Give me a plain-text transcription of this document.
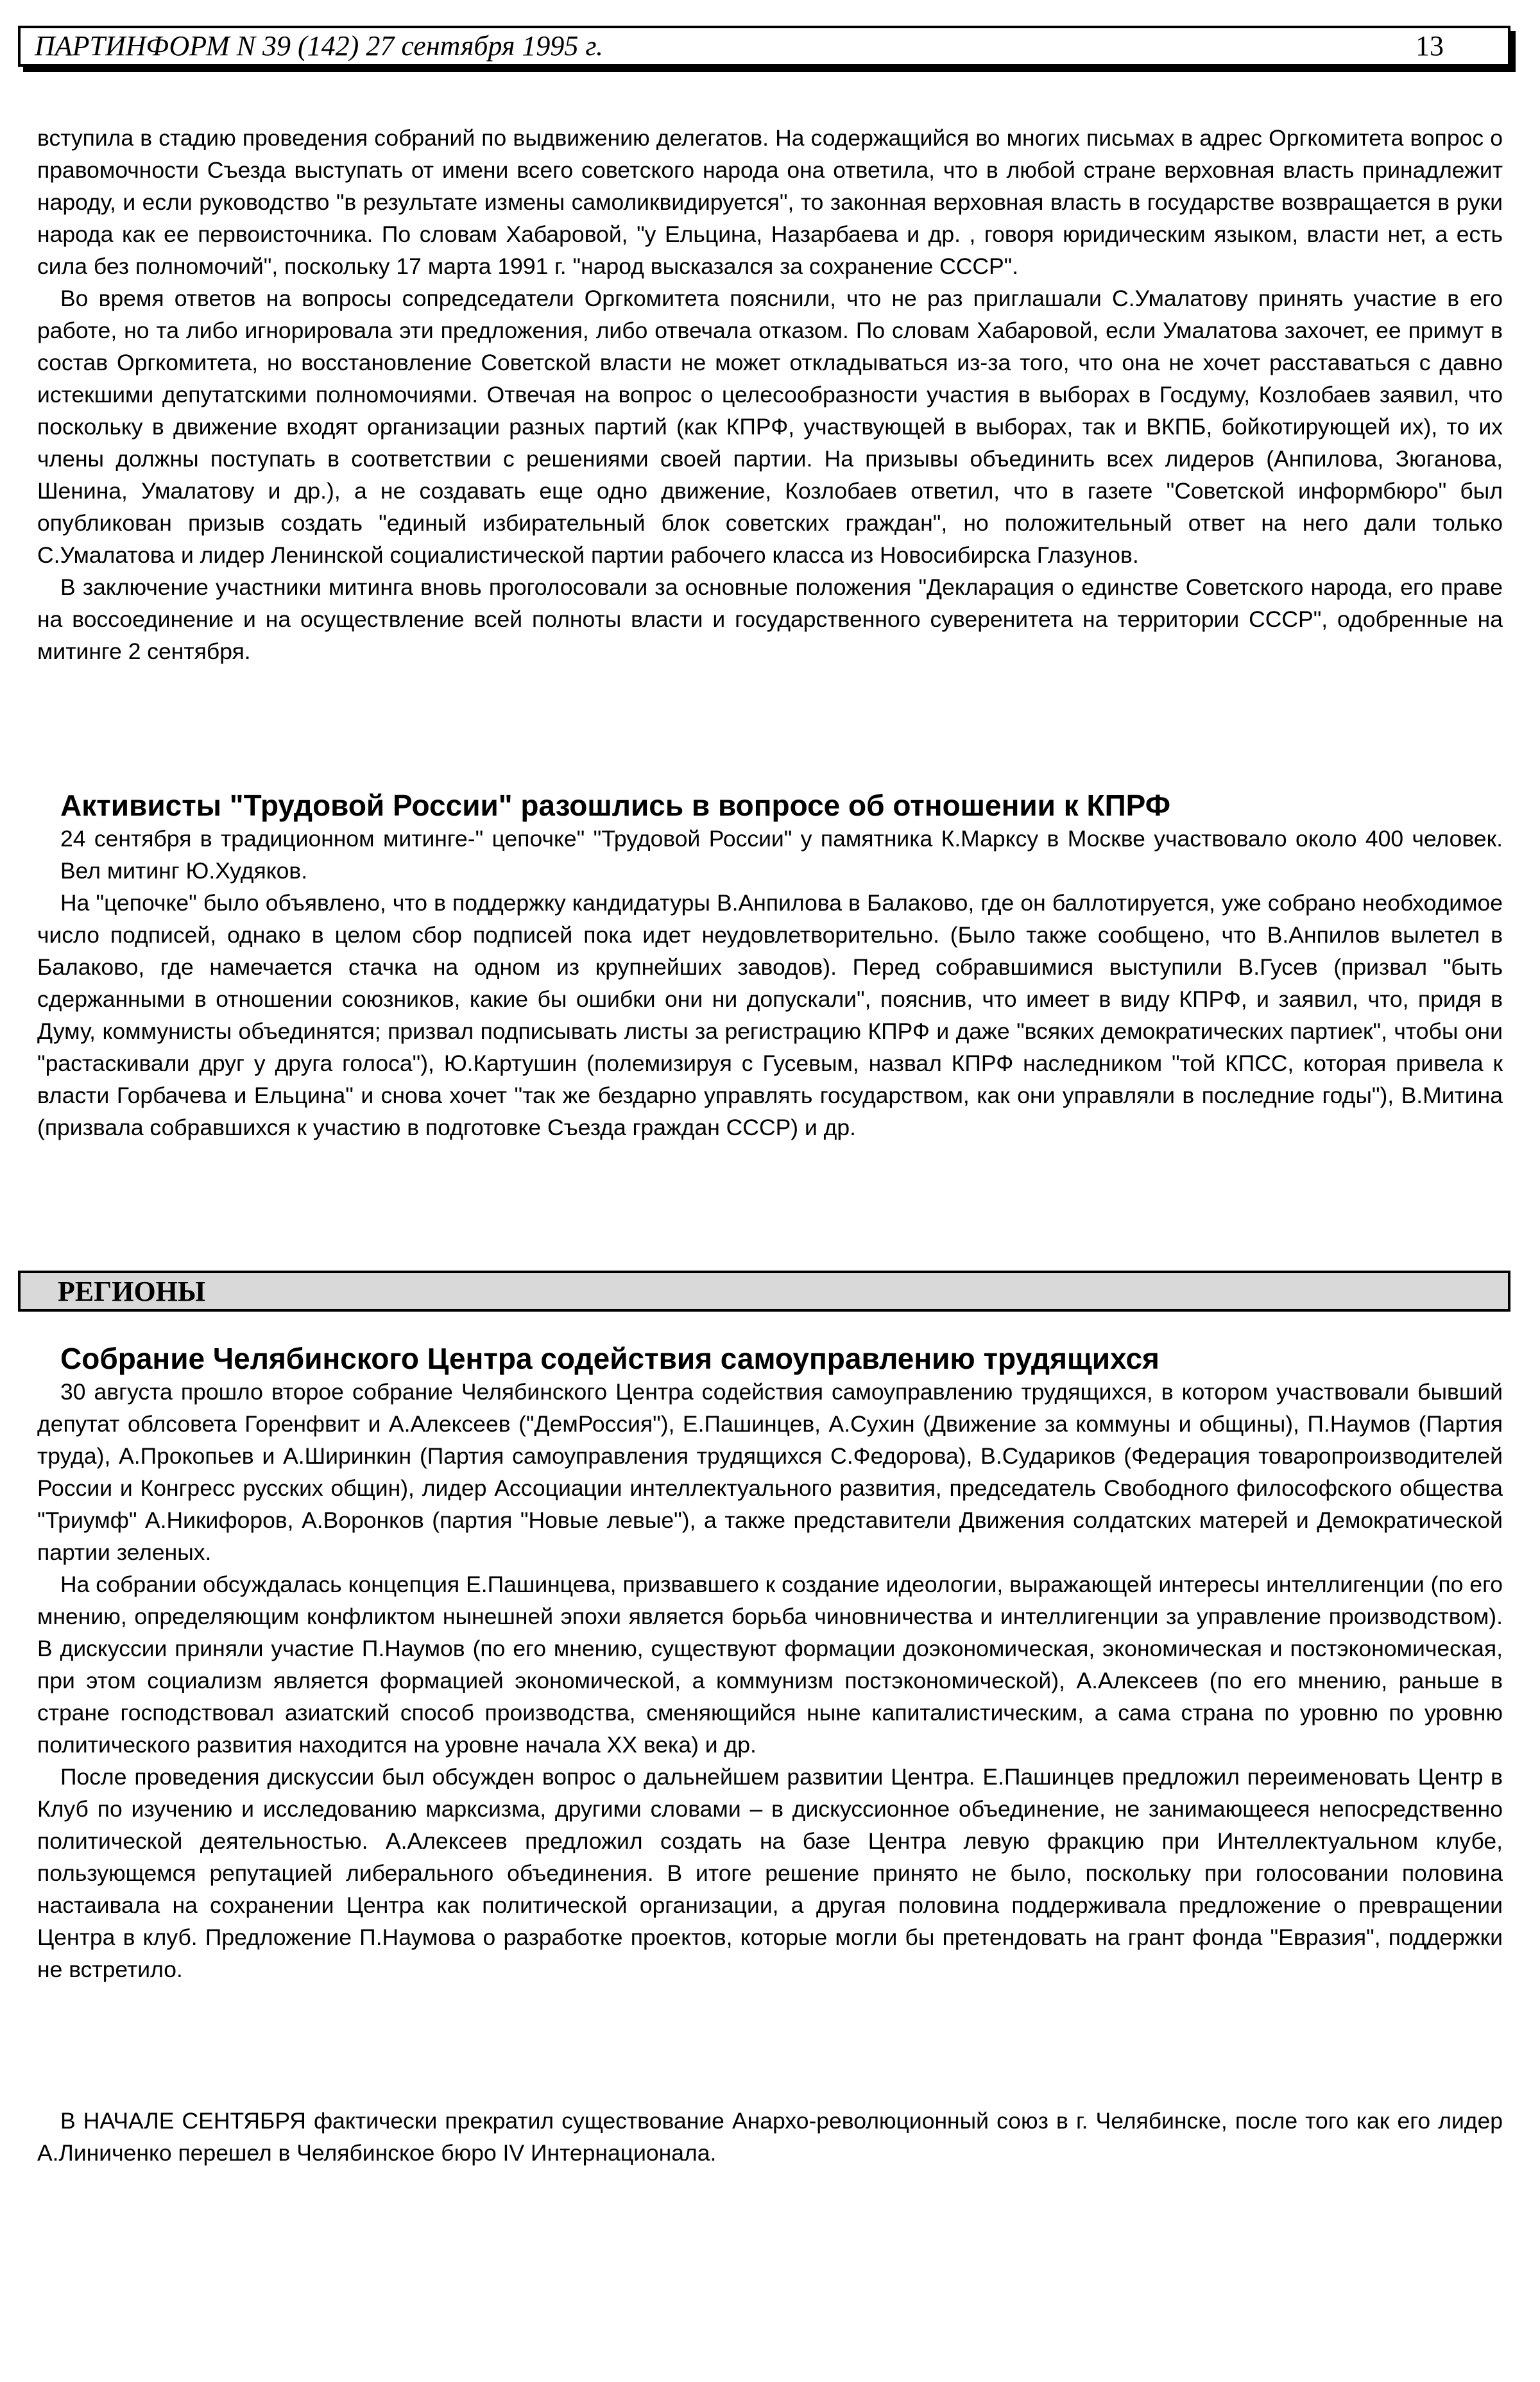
ПАРТИНФОРМ N 39 (142) 27 сентября 1995 г.	13

вступила в стадию проведения собраний по выдвижению делегатов. На содержащийся во многих письмах в адрес Оргкомитета вопрос о правомочности Съезда выступать от имени всего советского народа она ответила, что в любой стране верховная власть принадлежит народу, и если руководство "в результате измены самоликвидируется", то законная верховная власть в государстве возвращается в руки народа как ее первоисточника. По словам Хабаровой, "у Ельцина, Назарбаева и др. , говоря юридическим языком, власти нет, а есть сила без полномочий", поскольку 17 марта 1991 г. "народ высказался за сохранение СССР".

Во время ответов на вопросы сопредседатели Оргкомитета пояснили, что не раз приглашали С.Умалатову принять участие в его работе, но та либо игнорировала эти предложения, либо отвечала отказом. По словам Хабаровой, если Умалатова захочет, ее примут в состав Оргкомитета, но восстановление Советской власти не может откладываться из-за того, что она не хочет расставаться с давно истекшими депутатскими полномочиями. Отвечая на вопрос о целесообразности участия в выборах в Госдуму, Козлобаев заявил, что поскольку в движение входят организации разных партий (как КПРФ, участвующей в выборах, так и ВКПБ, бойкотирующей их), то их члены должны поступать в соответствии с решениями своей партии. На призывы объединить всех лидеров (Анпилова, Зюганова, Шенина, Умалатову и др.), а не создавать еще одно движение, Козлобаев ответил, что в газете "Советской информбюро" был опубликован призыв создать "единый избирательный блок советских граждан", но положительный ответ на него дали только С.Умалатова и лидер Ленинской социалистической партии рабочего класса из Новосибирска Глазунов.

В заключение участники митинга вновь проголосовали за основные положения "Декларация о единстве Советского народа, его праве на воссоединение и на осуществление всей полноты власти и государственного суверенитета на территории СССР", одобренные на митинге 2 сентября.

Активисты "Трудовой России" разошлись в вопросе об отношении к КПРФ

24 сентября в традиционном митинге-" цепочке" "Трудовой России" у памятника К.Марксу в Москве участвовало около 400 человек. Вел митинг Ю.Худяков.

На "цепочке" было объявлено, что в поддержку кандидатуры В.Анпилова в Балаково, где он баллотируется, уже собрано необходимое число подписей, однако в целом сбор подписей пока идет неудовлетворительно. (Было также сообщено, что В.Анпилов вылетел в Балаково, где намечается стачка на одном из крупнейших заводов). Перед собравшимися выступили В.Гусев (призвал "быть сдержанными в отношении союзников, какие бы ошибки они ни допускали", пояснив, что имеет в виду КПРФ, и заявил, что, придя в Думу, коммунисты объединятся; призвал подписывать листы за регистрацию КПРФ и даже "всяких демократических партиек", чтобы они "растаскивали друг у друга голоса"), Ю.Картушин (полемизируя с Гусевым, назвал КПРФ наследником "той КПСС, которая привела к власти Горбачева и Ельцина" и снова хочет "так же бездарно управлять государством, как они управляли в последние годы"), В.Митина (призвала собравшихся к участию в подготовке Съезда граждан СССР) и др.

РЕГИОНЫ
Собрание Челябинского Центра содействия самоуправлению трудящихся

30 августа прошло второе собрание Челябинского Центра содействия самоуправлению трудящихся, в котором участвовали бывший депутат облсовета Горенфвит и А.Алексеев ("ДемРоссия"), Е.Пашинцев, А.Сухин (Движение за коммуны и общины), П.Наумов (Партия труда), А.Прокопьев и А.Ширинкин (Партия самоуправления трудящихся С.Федорова), В.Судариков (Федерация товаропроизводителей России и Конгресс русских общин), лидер Ассоциации интеллектуального развития, председатель Свободного философского общества "Триумф" А.Никифоров, А.Воронков (партия "Новые левые"), а также представители Движения солдатских матерей и Демократической партии зеленых.

На собрании обсуждалась концепция Е.Пашинцева, призвавшего к создание идеологии, выражающей интересы интеллигенции (по его мнению, определяющим конфликтом нынешней эпохи является борьба чиновничества и интеллигенции за управление производством). В дискуссии приняли участие П.Наумов (по его мнению, существуют формации доэкономическая, экономическая и постэкономическая, при этом социализм является формацией экономической, а коммунизм постэкономической), А.Алексеев (по его мнению, раньше в стране господствовал азиатский способ производства, сменяющийся ныне капиталистическим, а сама страна по уровню по уровню политического развития находится на уровне начала XX века) и др.

После проведения дискуссии был обсужден вопрос о дальнейшем развитии Центра. Е.Пашинцев предложил переименовать Центр в Клуб по изучению и исследованию марксизма, другими словами – в дискуссионное объединение, не занимающееся непосредственно политической деятельностью. А.Алексеев предложил создать на базе Центра левую фракцию при Интеллектуальном клубе, пользующемся репутацией либерального объединения. В итоге решение принято не было, поскольку при голосовании половина настаивала на сохранении Центра как политической организации, а другая половина поддерживала предложение о превращении Центра в клуб. Предложение П.Наумова о разработке проектов, которые могли бы претендовать на грант фонда "Евразия", поддержки не встретило.

В НАЧАЛЕ СЕНТЯБРЯ фактически прекратил существование Анархо-революционный союз в г. Челябинске, после того как его лидер А.Линиченко перешел в Челябинское бюро IV Интернационала.
